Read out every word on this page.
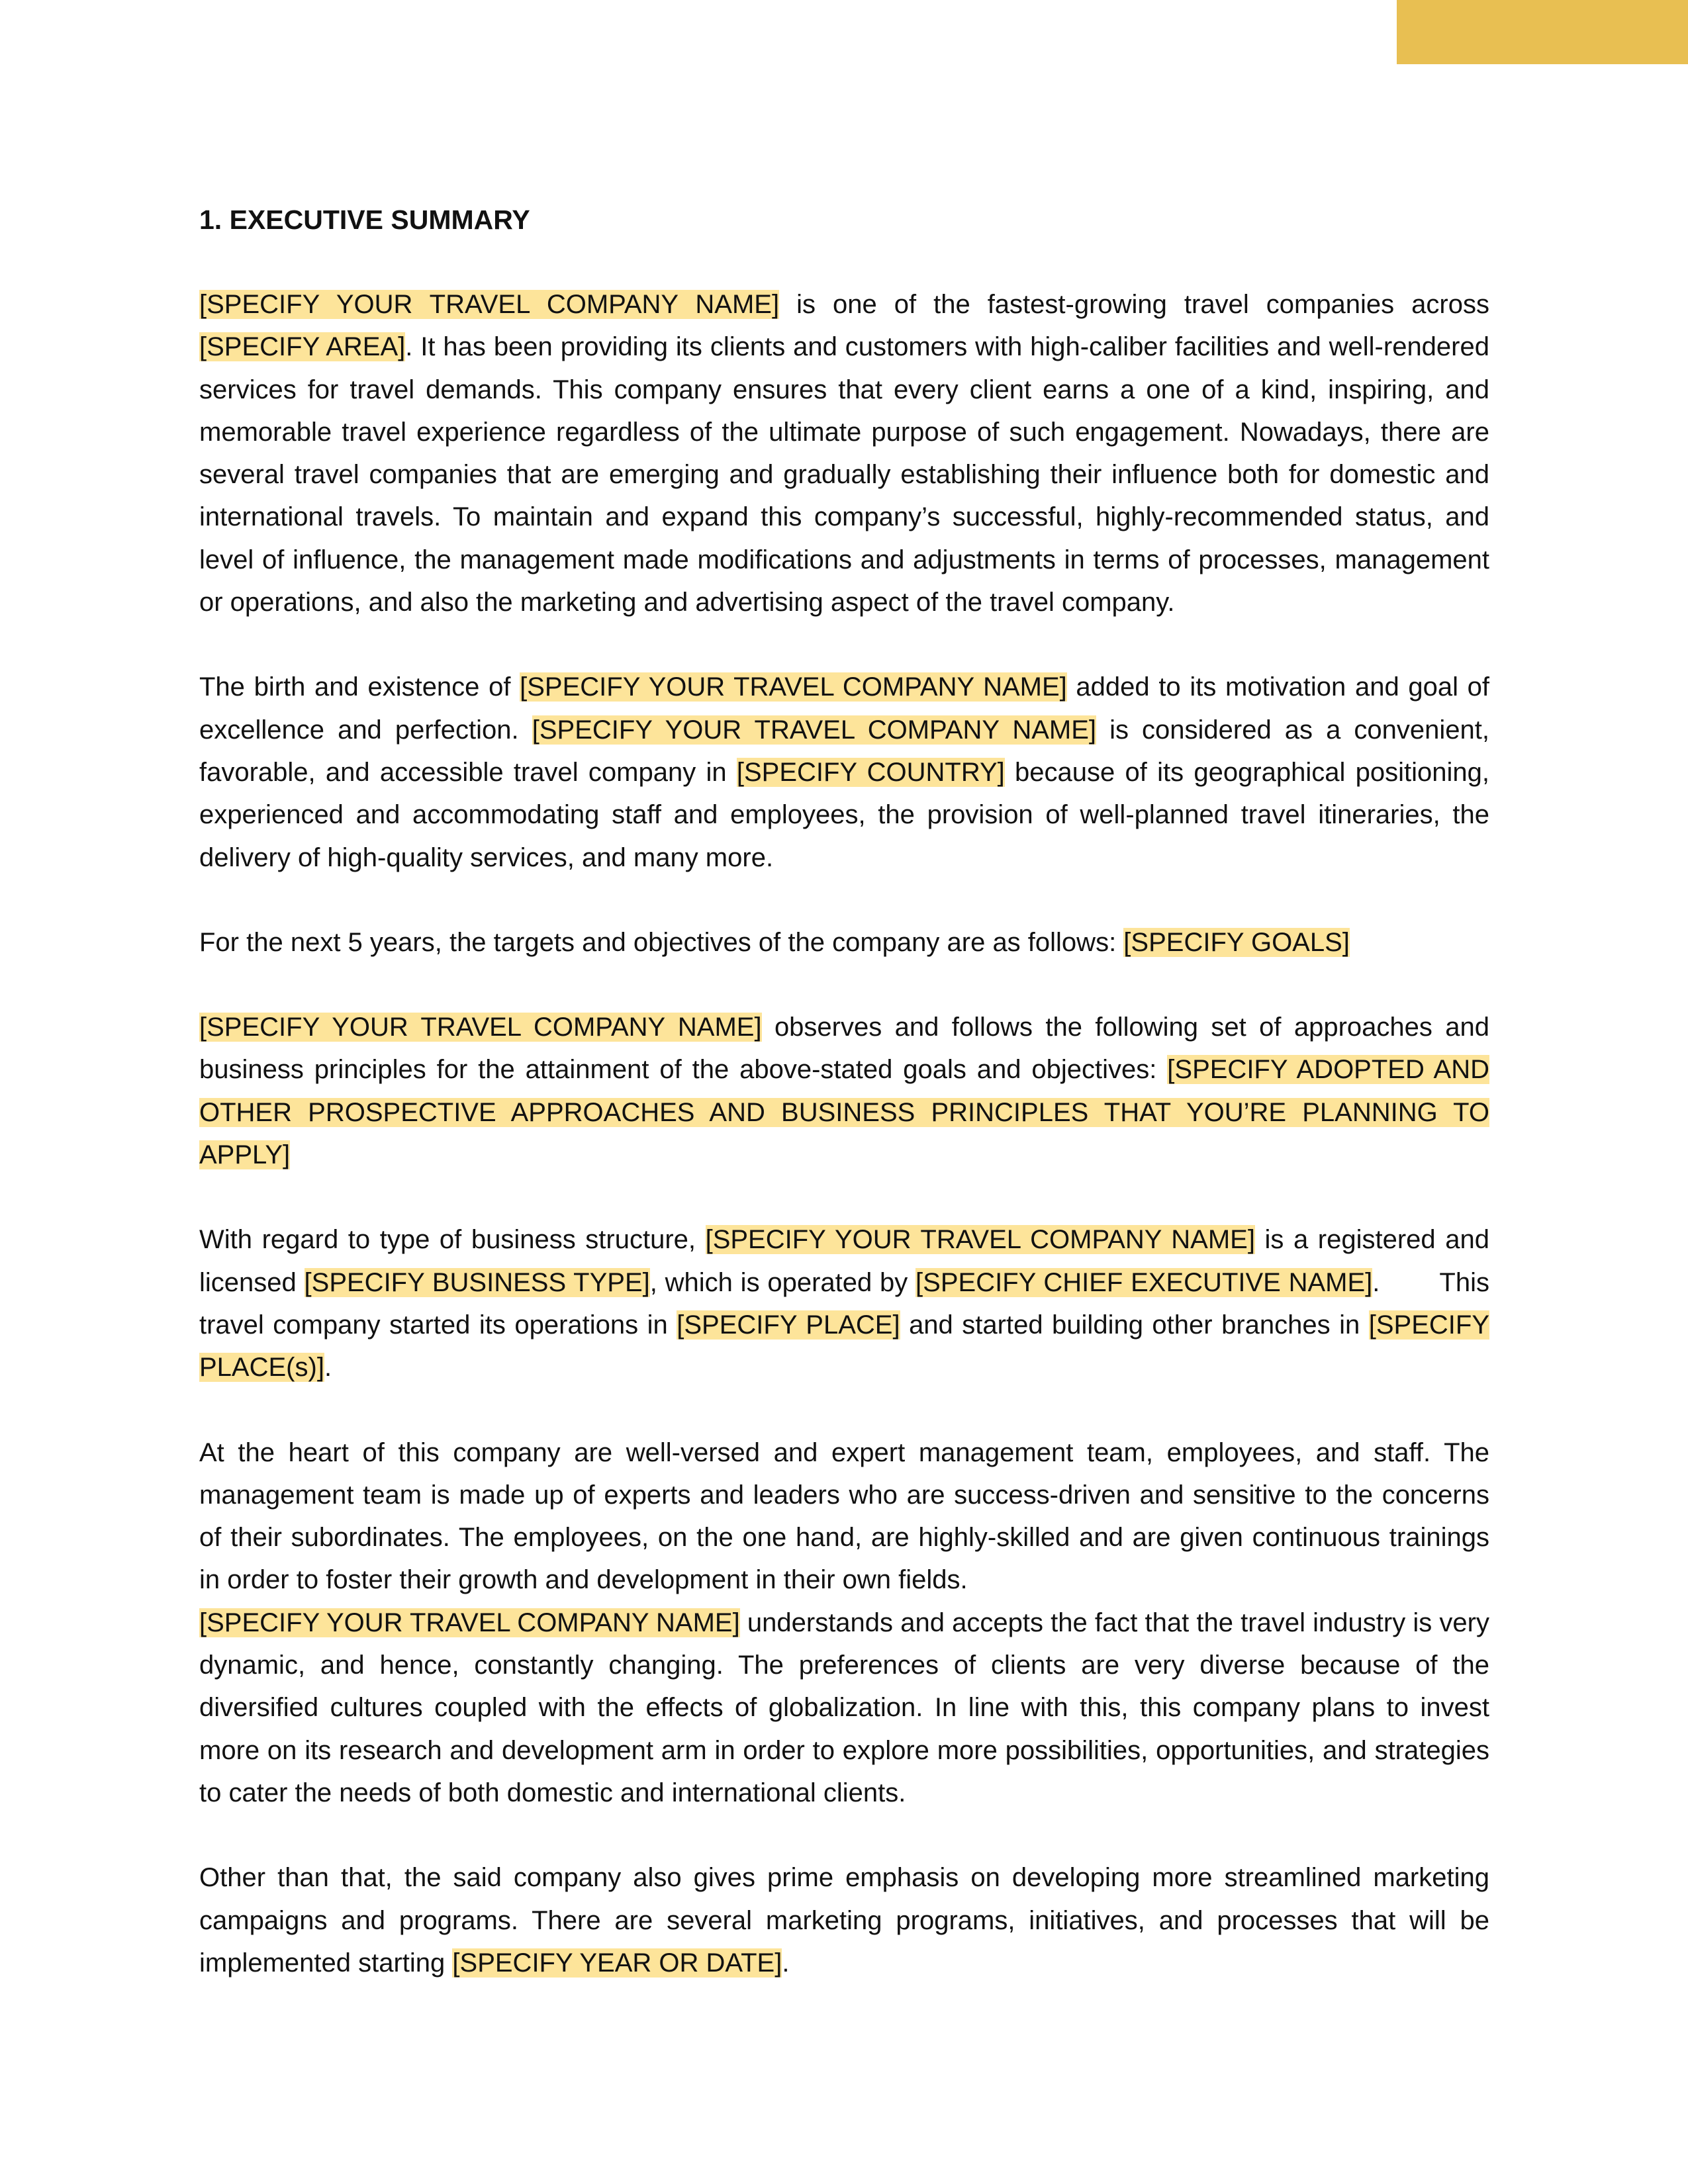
1. EXECUTIVE SUMMARY

[SPECIFY YOUR TRAVEL COMPANY NAME] is one of the fastest-growing travel companies across [SPECIFY AREA]. It has been providing its clients and customers with high-caliber facilities and well-rendered services for travel demands. This company ensures that every client earns a one of a kind, inspiring, and memorable travel experience regardless of the ultimate purpose of such engagement. Nowadays, there are several travel companies that are emerging and gradually establishing their influence both for domestic and international travels. To maintain and expand this company’s successful, highly-recommended status, and level of influence, the management made modifications and adjustments in terms of processes, management or operations, and also the marketing and advertising aspect of the travel company.

The birth and existence of [SPECIFY YOUR TRAVEL COMPANY NAME] added to its motivation and goal of excellence and perfection. [SPECIFY YOUR TRAVEL COMPANY NAME] is considered as a convenient, favorable, and accessible travel company in [SPECIFY COUNTRY] because of its geographical positioning, experienced and accommodating staff and employees, the provision of well-planned travel itineraries, the delivery of high-quality services, and many more.

For the next 5 years, the targets and objectives of the company are as follows: [SPECIFY GOALS]

[SPECIFY YOUR TRAVEL COMPANY NAME] observes and follows the following set of approaches and business principles for the attainment of the above-stated goals and objectives: [SPECIFY ADOPTED AND OTHER PROSPECTIVE APPROACHES AND BUSINESS PRINCIPLES THAT YOU’RE PLANNING TO APPLY]

With regard to type of business structure, [SPECIFY YOUR TRAVEL COMPANY NAME] is a registered and licensed [SPECIFY BUSINESS TYPE], which is operated by [SPECIFY CHIEF EXECUTIVE NAME]. This travel company started its operations in [SPECIFY PLACE] and started building other branches in [SPECIFY PLACE(s)].

At the heart of this company are well-versed and expert management team, employees, and staff. The management team is made up of experts and leaders who are success-driven and sensitive to the concerns of their subordinates. The employees, on the one hand, are highly-skilled and are given continuous trainings in order to foster their growth and development in their own fields.

[SPECIFY YOUR TRAVEL COMPANY NAME] understands and accepts the fact that the travel industry is very dynamic, and hence, constantly changing. The preferences of clients are very diverse because of the diversified cultures coupled with the effects of globalization. In line with this, this company plans to invest more on its research and development arm in order to explore more possibilities, opportunities, and strategies to cater the needs of both domestic and international clients.

Other than that, the said company also gives prime emphasis on developing more streamlined marketing campaigns and programs. There are several marketing programs, initiatives, and processes that will be implemented starting [SPECIFY YEAR OR DATE].
